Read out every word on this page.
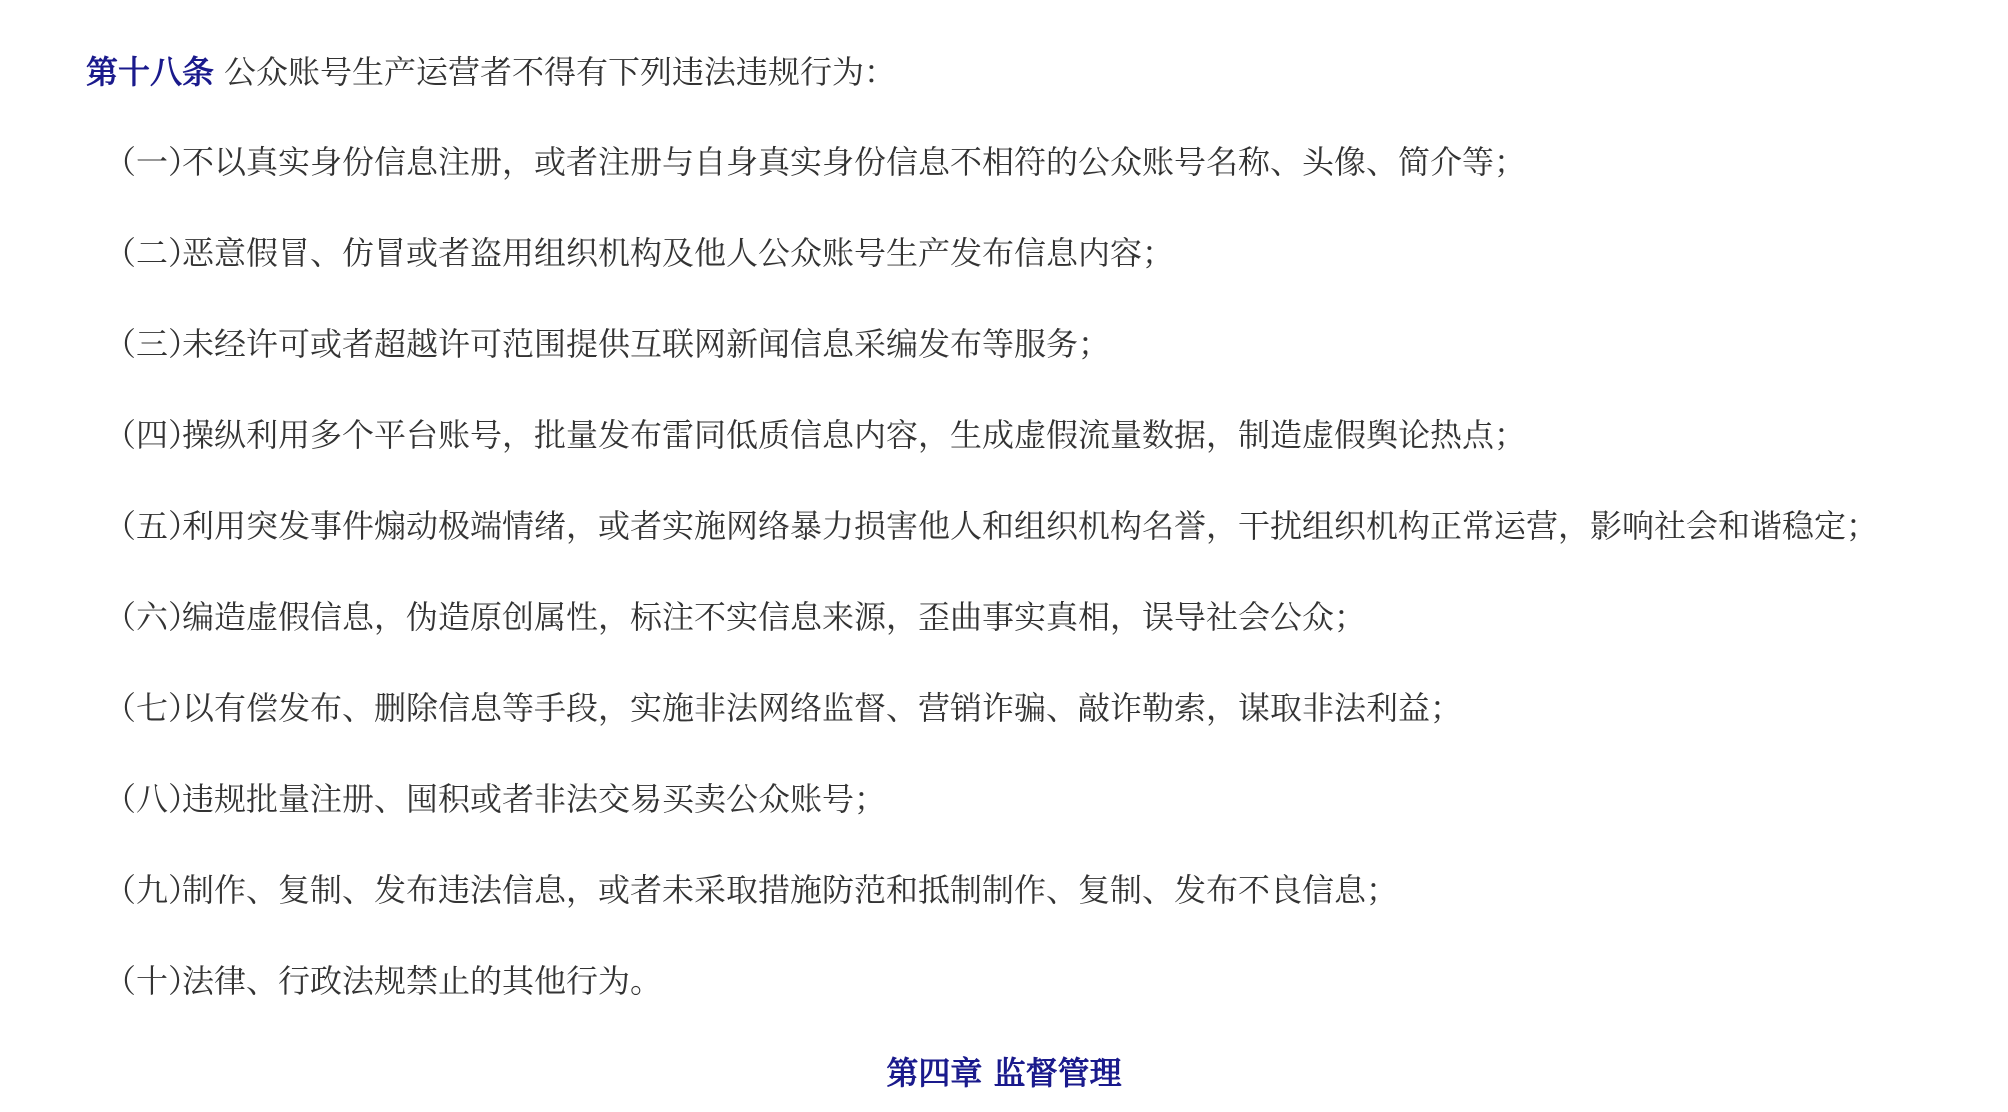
第十八条 公众账号生产运营者不得有下列违法违规行为：
（一）不以真实身份信息注册，或者注册与自身真实身份信息不相符的公众账号名称、头像、简介等；
（二）恶意假冒、仿冒或者盗用组织机构及他人公众账号生产发布信息内容；
（三）未经许可或者超越许可范围提供互联网新闻信息采编发布等服务；
（四）操纵利用多个平台账号，批量发布雷同低质信息内容，生成虚假流量数据，制造虚假舆论热点；
（五）利用突发事件煽动极端情绪，或者实施网络暴力损害他人和组织机构名誉，干扰组织机构正常运营，影响社会和谐稳定；
（六）编造虚假信息，伪造原创属性，标注不实信息来源，歪曲事实真相，误导社会公众；
（七）以有偿发布、删除信息等手段，实施非法网络监督、营销诈骗、敲诈勒索，谋取非法利益；
（八）违规批量注册、囤积或者非法交易买卖公众账号；
（九）制作、复制、发布违法信息，或者未采取措施防范和抵制制作、复制、发布不良信息；
（十）法律、行政法规禁止的其他行为。
第四章 监督管理
